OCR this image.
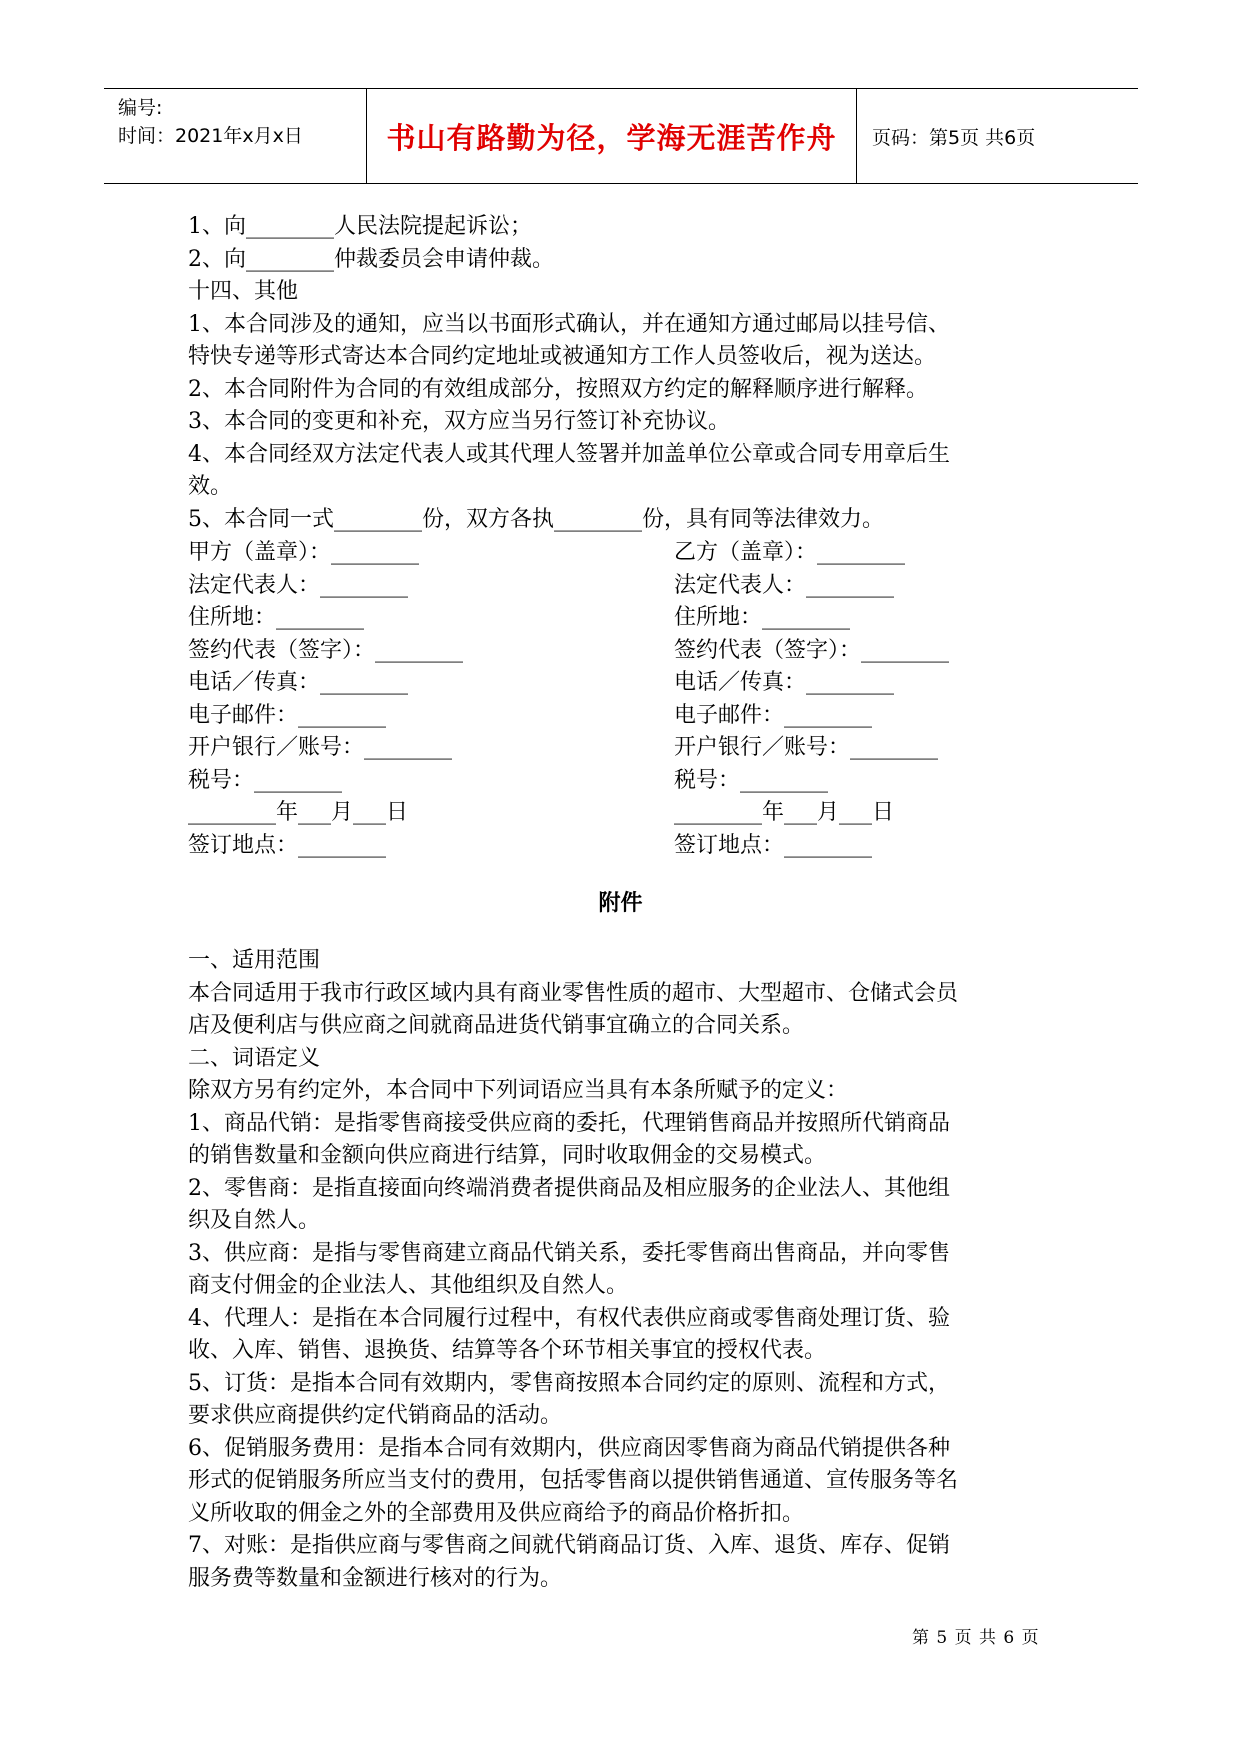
编号:
时间：2021年x月x日	书山有路勤为径，学海无涯苦作舟 页码：第5页 共6页

1、向________人民法院提起诉讼；

2、向________仲裁委员会申请仲裁。

十四、其他

1、本合同涉及的通知，应当以书面形式确认，并在通知方通过邮局以挂号信、

特快专递等形式寄达本合同约定地址或被通知方工作人员签收后，视为送达。

2、本合同附件为合同的有效组成部分，按照双方约定的解释顺序进行解释。

3、本合同的变更和补充，双方应当另行签订补充协议。

4、本合同经双方法定代表人或其代理人签署并加盖单位公章或合同专用章后生

效。

5、本合同一式________份，双方各执________份，具有同等法律效力。

甲方（盖章）：________

法定代表人：________

住所地：________

签约代表（签字）：________

电话／传真：________

电子邮件：________

开户银行／账号：________

税号：________

________年___月___日

签订地点：________

乙方（盖章）：________

法定代表人：________

住所地：________

签约代表（签字）：________

电话／传真：________

电子邮件：________

开户银行／账号：________

税号：________

________年___月___日

签订地点：________

附件

一、适用范围

本合同适用于我市行政区域内具有商业零售性质的超市、大型超市、仓储式会员

店及便利店与供应商之间就商品进货代销事宜确立的合同关系。

二、词语定义

除双方另有约定外，本合同中下列词语应当具有本条所赋予的定义：

1、商品代销：是指零售商接受供应商的委托，代理销售商品并按照所代销商品

的销售数量和金额向供应商进行结算，同时收取佣金的交易模式。

2、零售商：是指直接面向终端消费者提供商品及相应服务的企业法人、其他组

织及自然人。

3、供应商：是指与零售商建立商品代销关系，委托零售商出售商品，并向零售

商支付佣金的企业法人、其他组织及自然人。

4、代理人：是指在本合同履行过程中，有权代表供应商或零售商处理订货、验

收、入库、销售、退换货、结算等各个环节相关事宜的授权代表。

5、订货：是指本合同有效期内，零售商按照本合同约定的原则、流程和方式，

要求供应商提供约定代销商品的活动。

6、促销服务费用：是指本合同有效期内，供应商因零售商为商品代销提供各种

形式的促销服务所应当支付的费用，包括零售商以提供销售通道、宣传服务等名

义所收取的佣金之外的全部费用及供应商给予的商品价格折扣。

7、对账：是指供应商与零售商之间就代销商品订货、入库、退货、库存、促销

服务费等数量和金额进行核对的行为。

第 5 页 共 6 页
